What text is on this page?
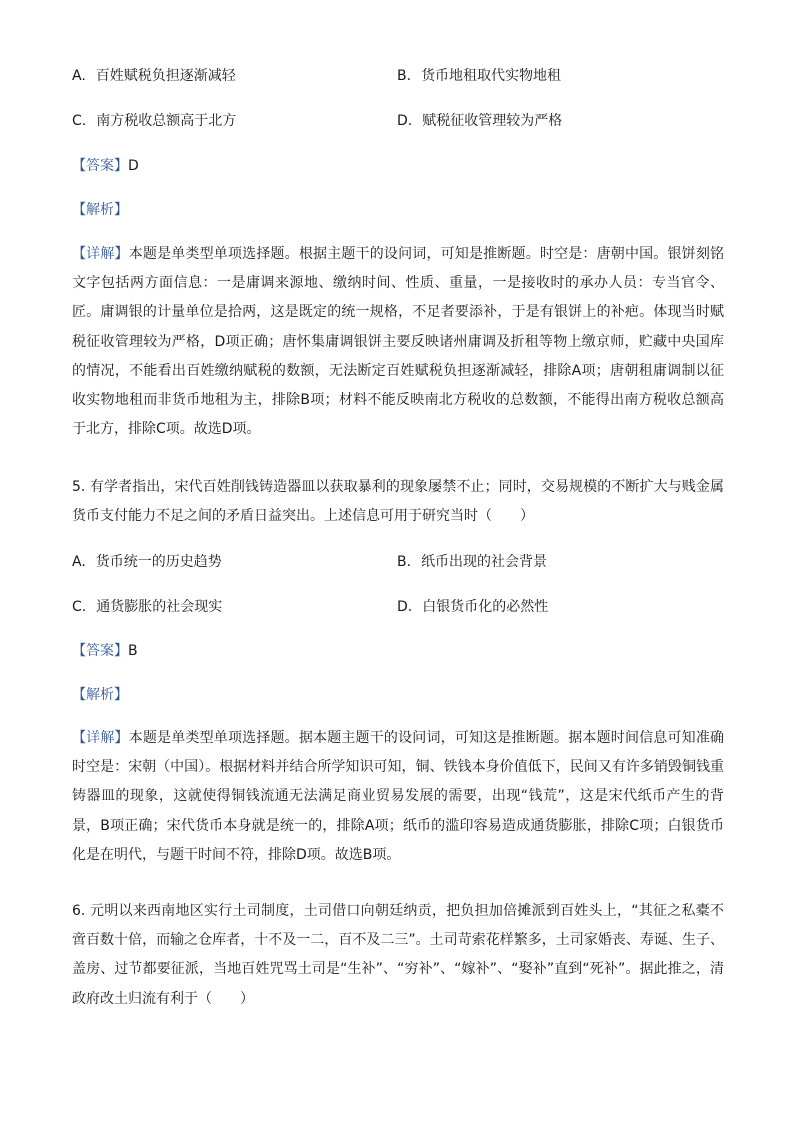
A. 百姓赋税负担逐渐减轻	B. 货币地租取代实物地租
C. 南方税收总额高于北方	D. 赋税征收管理较为严格
【答案】D
【解析】
【详解】本题是单类型单项选择题。根据主题干的设问词，可知是推断题。时空是：唐朝中国。银饼刻铭文字包括两方面信息：一是庸调来源地、缴纳时间、性质、重量，一是接收时的承办人员：专当官令、匠。庸调银的计量单位是拾两，这是既定的统一规格，不足者要添补，于是有银饼上的补疤。体现当时赋税征收管理较为严格，D项正确；唐怀集庸调银饼主要反映诸州庸调及折租等物上缴京师，贮藏中央国库的情况，不能看出百姓缴纳赋税的数额，无法断定百姓赋税负担逐渐减轻，排除A项；唐朝租庸调制以征收实物地租而非货币地租为主，排除B项；材料不能反映南北方税收的总数额，不能得出南方税收总额高于北方，排除C项。故选D项。
5. 有学者指出，宋代百姓削钱铸造器皿以获取暴利的现象屡禁不止；同时，交易规模的不断扩大与贱金属货币支付能力不足之间的矛盾日益突出。上述信息可用于研究当时（　　）
A. 货币统一的历史趋势	B. 纸币出现的社会背景
C. 通货膨胀的社会现实	D. 白银货币化的必然性
【答案】B
【解析】
【详解】本题是单类型单项选择题。据本题主题干的设问词，可知这是推断题。据本题时间信息可知准确时空是：宋朝（中国）。根据材料并结合所学知识可知，铜、铁钱本身价值低下，民间又有许多销毁铜钱重铸器皿的现象，这就使得铜钱流通无法满足商业贸易发展的需要，出现“钱荒”，这是宋代纸币产生的背景，B项正确；宋代货币本身就是统一的，排除A项；纸币的滥印容易造成通货膨胀，排除C项；白银货币化是在明代，与题干时间不符，排除D项。故选B项。
6. 元明以来西南地区实行土司制度，土司借口向朝廷纳贡，把负担加倍摊派到百姓头上，“其征之私橐不啻百数十倍，而输之仓库者，十不及一二，百不及二三”。土司苛索花样繁多，土司家婚丧、寿诞、生子、盖房、过节都要征派，当地百姓咒骂土司是“生补”、“穷补”、“嫁补”、“娶补”直到“死补”。据此推之，清政府改土归流有利于（　　）
